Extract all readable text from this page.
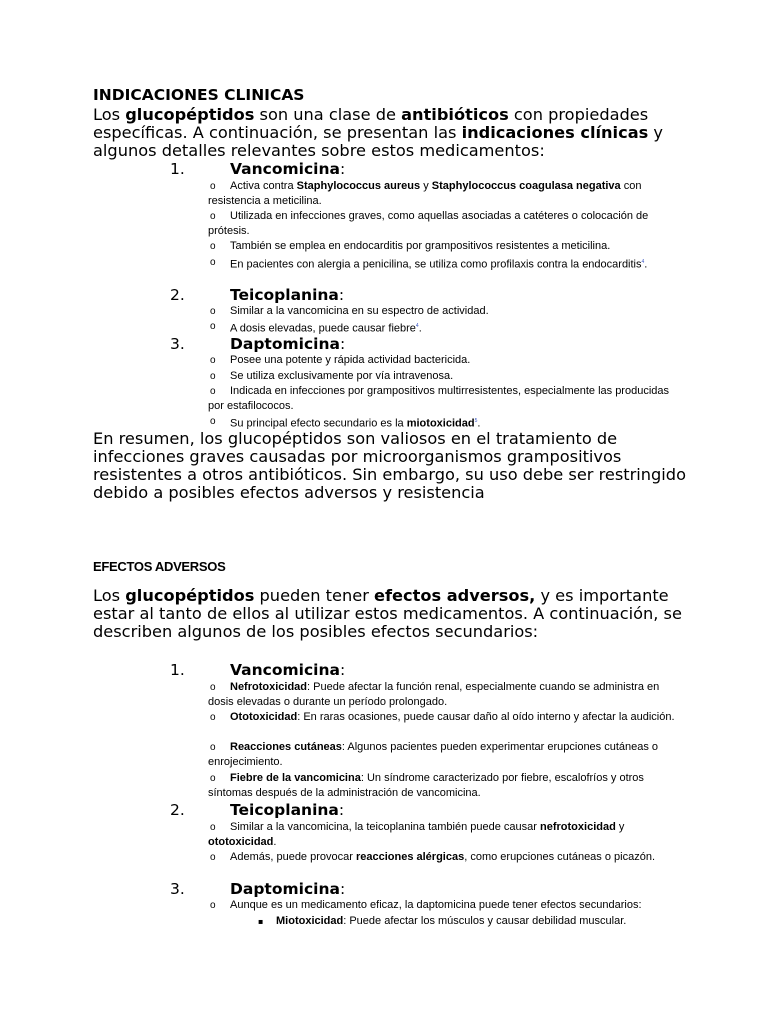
INDICACIONES CLINICAS

Los glucopéptidos son una clase de antibióticos con propiedades específicas. A continuación, se presentan las indicaciones clínicas y algunos detalles relevantes sobre estos medicamentos:

1.	Vancomicina:
o	Activa contra Staphylococcus aureus y Staphylococcus coagulasa negativa con resistencia a meticilina.

o	Utilizada en infecciones graves, como aquellas asociadas a catéteres o colocación de prótesis.

o	También se emplea en endocarditis por grampositivos resistentes a meticilina.

o	En pacientes con alergia a penicilina, se utiliza como profilaxis contra la endocarditis$^4$.

2.	Teicoplanina:
o	Similar a la vancomicina en su espectro de actividad.

o	A dosis elevadas, puede causar fiebre$^4$.

3.	Daptomicina:
o	Posee una potente y rápida actividad bactericida.

o	Se utiliza exclusivamente por vía intravenosa.

o	Indicada en infecciones por grampositivos multirresistentes, especialmente las producidas por estafilococos.

o	Su principal efecto secundario es la miotoxicidad$^5$.

En resumen, los glucopéptidos son valiosos en el tratamiento de infecciones graves causadas por microorganismos grampositivos resistentes a otros antibióticos. Sin embargo, su uso debe ser restringido debido a posibles efectos adversos y resistencia

EFECTOS ADVERSOS

Los glucopéptidos pueden tener efectos adversos, y es importante estar al tanto de ellos al utilizar estos medicamentos. A continuación, se describen algunos de los posibles efectos secundarios:

1.	Vancomicina:
o	Nefrotoxicidad: Puede afectar la función renal, especialmente cuando se administra en dosis elevadas o durante un período prolongado.

o	Ototoxicidad: En raras ocasiones, puede causar daño al oído interno y afectar la audición.

o	Reacciones cutáneas: Algunos pacientes pueden experimentar erupciones cutáneas o enrojecimiento.

o	Fiebre de la vancomicina: Un síndrome caracterizado por fiebre, escalofríos y otros síntomas después de la administración de vancomicina.

2.	Teicoplanina:
o	Similar a la vancomicina, la teicoplanina también puede causar nefrotoxicidad y ototoxicidad.

o	Además, puede provocar reacciones alérgicas, como erupciones cutáneas o picazón.

3.	Daptomicina:
o	Aunque es un medicamento eficaz, la daptomicina puede tener efectos secundarios:

▪ Miotoxicidad: Puede afectar los músculos y causar debilidad muscular.
